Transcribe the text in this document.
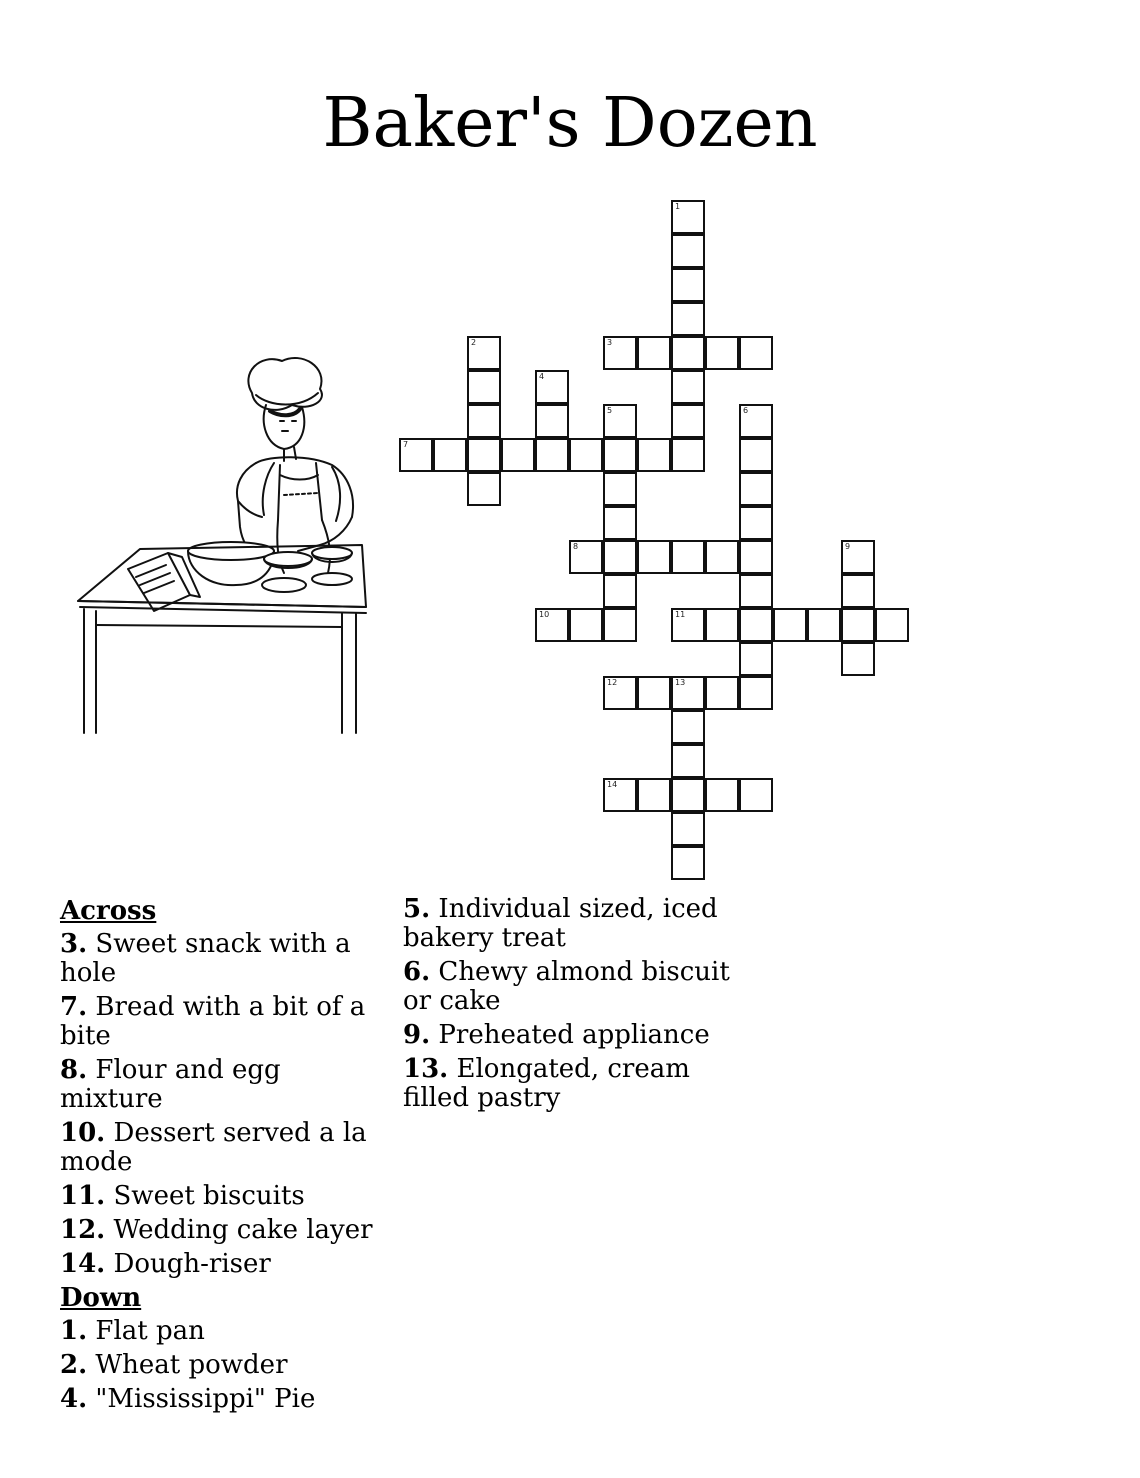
Baker's Dozen
1
2	3
4
5	6
7
8	9
10	11
12	13
14
Across
3. Sweet snack with a hole
7. Bread with a bit of a bite
8. Flour and egg mixture
10. Dessert served a la mode
11. Sweet biscuits
12. Wedding cake layer
14. Dough-riser
Down
1. Flat pan
2. Wheat powder
4. "Mississippi" Pie
5. Individual sized, iced bakery treat
6. Chewy almond biscuit or cake
9. Preheated appliance
13. Elongated, cream filled pastry
